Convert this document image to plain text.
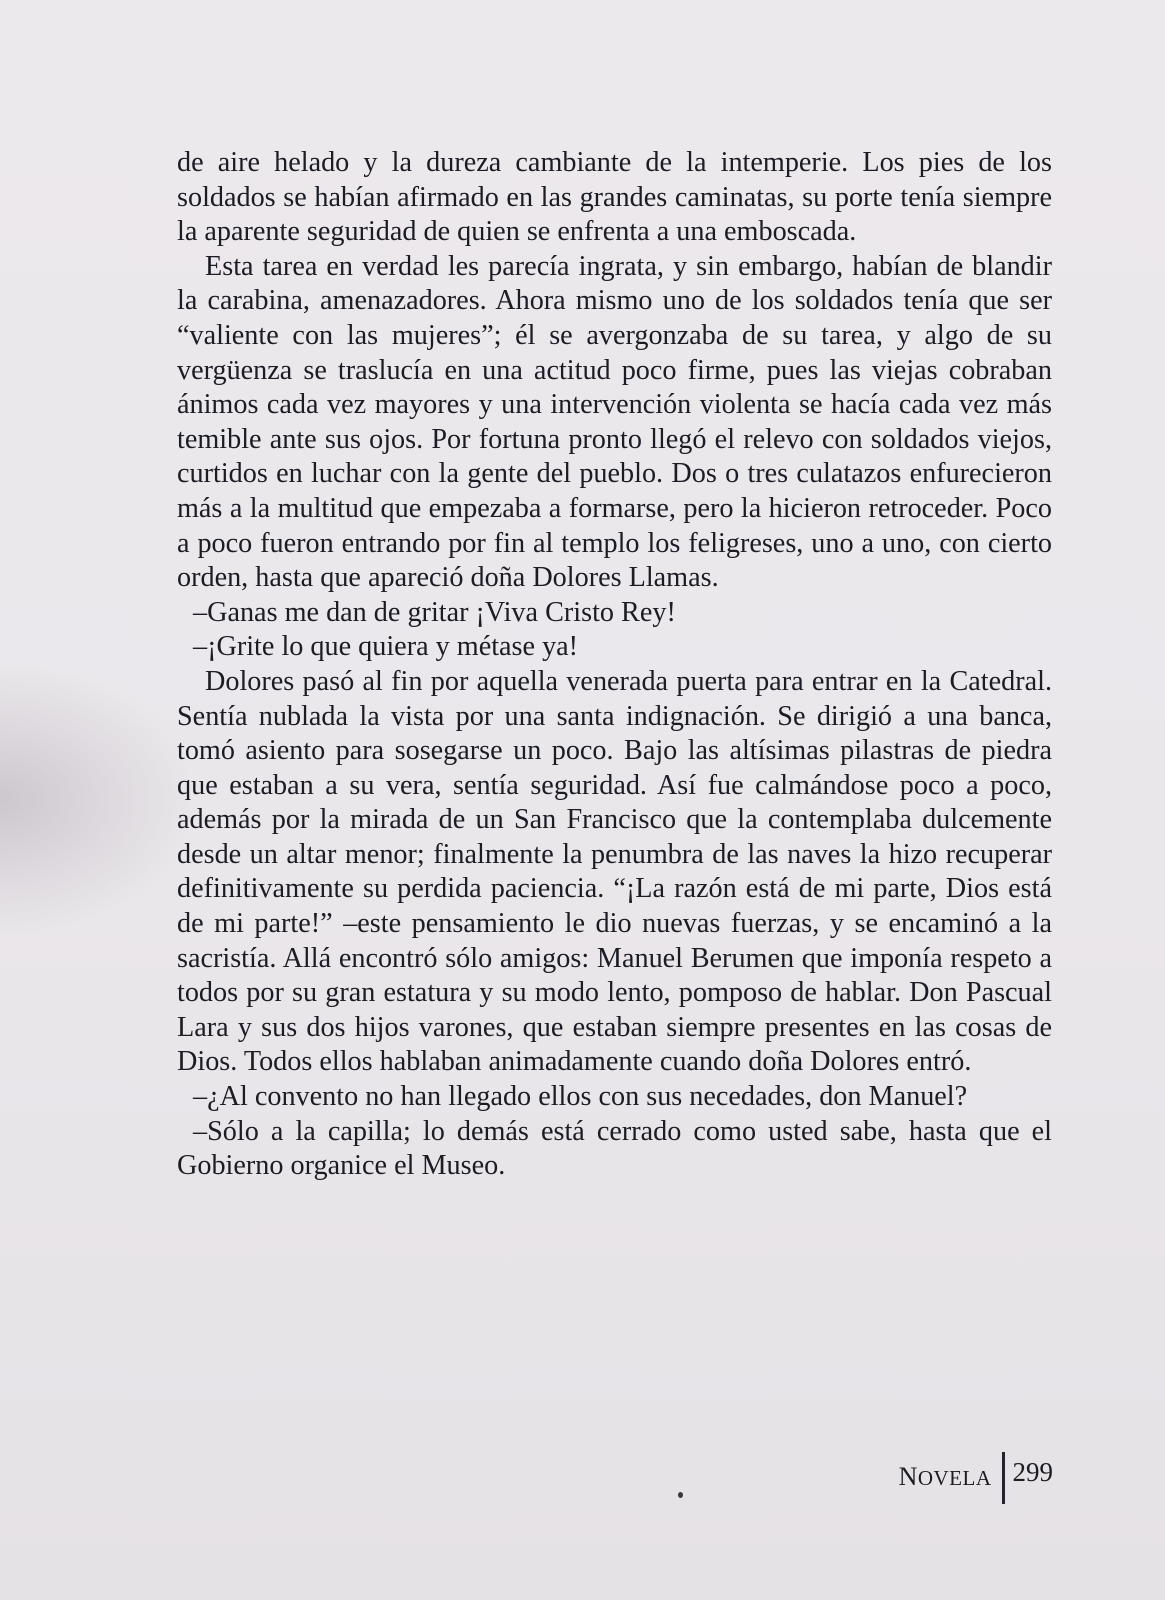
de aire helado y la dureza cambiante de la intemperie. Los pies de los soldados se habían afirmado en las grandes caminatas, su porte tenía siempre la aparente seguridad de quien se enfrenta a una emboscada.

Esta tarea en verdad les parecía ingrata, y sin embargo, habían de blandir la carabina, amenazadores. Ahora mismo uno de los soldados tenía que ser “valiente con las mujeres”; él se avergonzaba de su tarea, y algo de su vergüenza se traslucía en una actitud poco firme, pues las viejas cobraban ánimos cada vez mayores y una intervención violenta se hacía cada vez más temible ante sus ojos. Por fortuna pronto llegó el relevo con soldados viejos, curtidos en luchar con la gente del pueblo. Dos o tres culatazos enfurecieron más a la multitud que empezaba a formarse, pero la hicieron retroceder. Poco a poco fueron entrando por fin al templo los feligreses, uno a uno, con cierto orden, hasta que apareció doña Dolores Llamas.

–Ganas me dan de gritar ¡Viva Cristo Rey!

–¡Grite lo que quiera y métase ya!

Dolores pasó al fin por aquella venerada puerta para entrar en la Catedral. Sentía nublada la vista por una santa indignación. Se dirigió a una banca, tomó asiento para sosegarse un poco. Bajo las altísimas pilastras de piedra que estaban a su vera, sentía seguridad. Así fue calmándose poco a poco, además por la mirada de un San Francisco que la contemplaba dulcemente desde un altar menor; finalmente la penumbra de las naves la hizo recuperar definitivamente su perdida paciencia. “¡La razón está de mi parte, Dios está de mi parte!” –este pensamiento le dio nuevas fuerzas, y se encaminó a la sacristía. Allá encontró sólo amigos: Manuel Berumen que imponía respeto a todos por su gran estatura y su modo lento, pomposo de hablar. Don Pascual Lara y sus dos hijos varones, que estaban siempre presentes en las cosas de Dios. Todos ellos hablaban animadamente cuando doña Dolores entró.

–¿Al convento no han llegado ellos con sus necedades, don Manuel?

–Sólo a la capilla; lo demás está cerrado como usted sabe, hasta que el Gobierno organice el Museo.

NOVELA 299
